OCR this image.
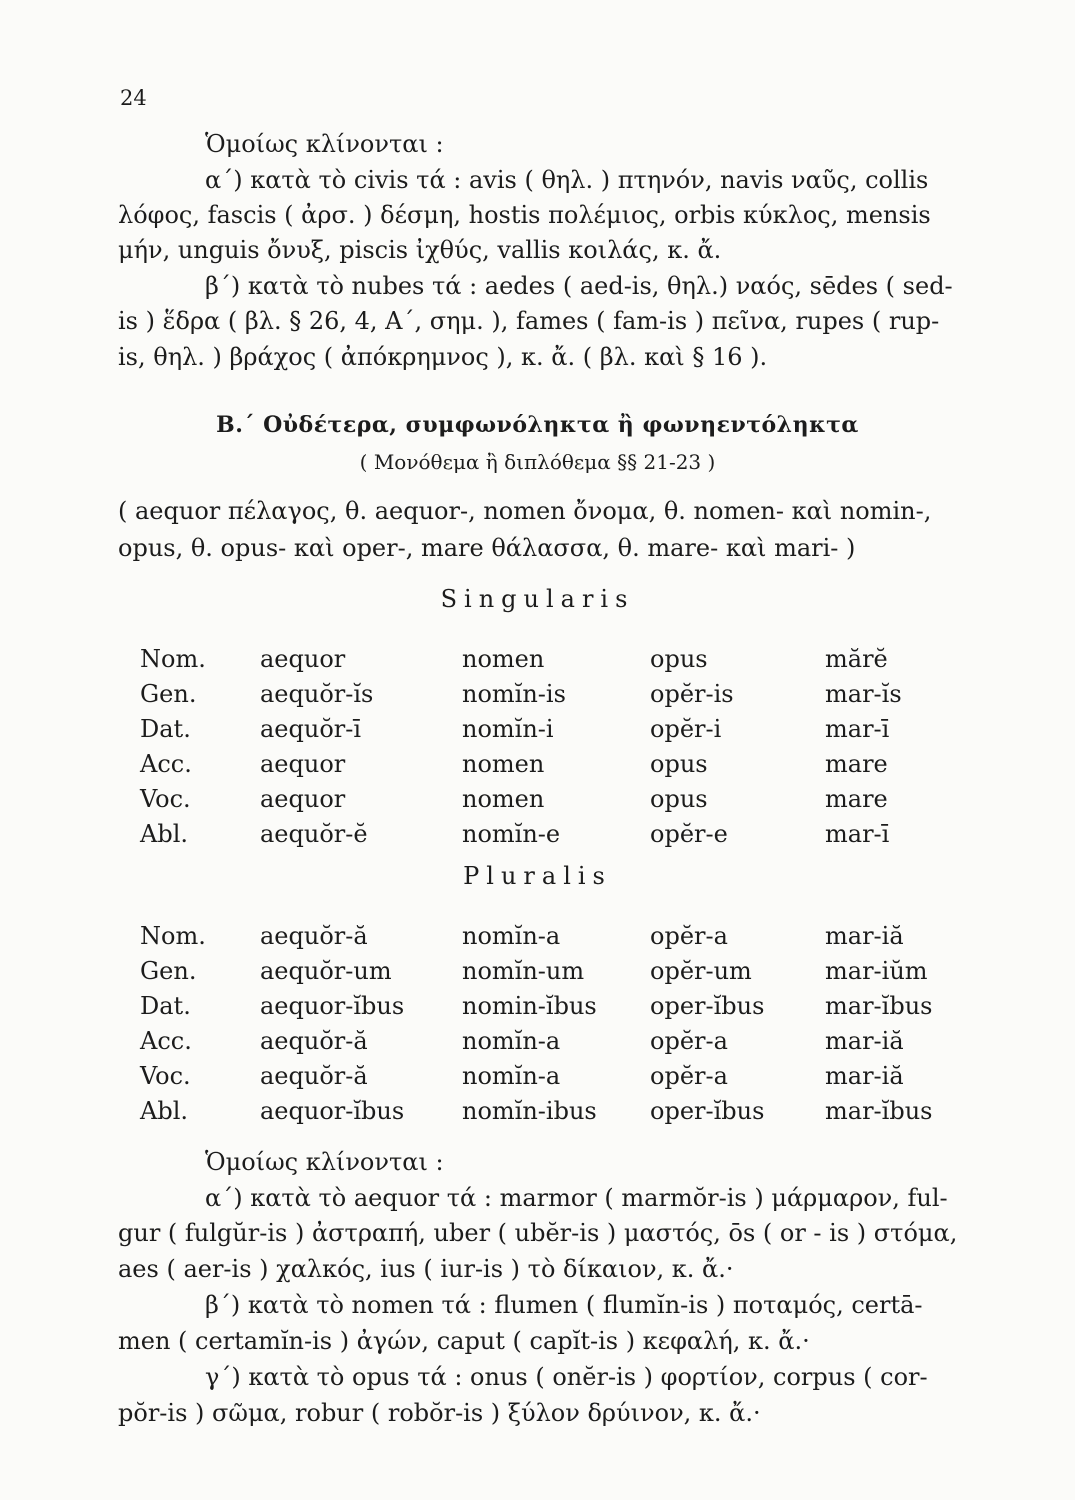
24
Ὁμοίως κλίνονται :
α΄) κατὰ τὸ civis τά : avis ( θηλ. ) πτηνόν, navis ναῦς, collis
λόφος, fascis ( ἀρσ. ) δέσμη, hostis πολέμιος, orbis κύκλος, mensis
μήν, unguis ὄνυξ, piscis ἰχθύς, vallis κοιλάς, κ. ἄ.
β΄) κατὰ τὸ nubes τά : aedes ( aed-is, θηλ.) ναός, sēdes ( sed-
is ) ἕδρα ( βλ. § 26, 4, Α΄, σημ. ), fames ( fam-is ) πεῖνα, rupes ( rup-
is, θηλ. ) βράχος ( ἀπόκρημνος ), κ. ἄ. ( βλ. καὶ § 16 ).
Β.΄ Οὐδέτερα, συμφωνόληκτα ἢ φωνηεντόληκτα
( Μονόθεμα ἢ διπλόθεμα §§ 21-23 )
( aequor πέλαγος, θ. aequor-, nomen ὄνομα, θ. nomen- καὶ nomin-,
opus, θ. opus- καὶ oper-, mare θάλασσα, θ. mare- καὶ mari- )
Singularis
Nom. aequor	nomen	opus	mărĕ
Gen.	aequŏr-ĭs	nomĭn-is	opĕr-is	mar-ĭs
Dat.	aequŏr-ī	nomĭn-i	opĕr-i	mar-ī
Acc.	aequor	nomen	opus	mare
Voc.	aequor	nomen	opus	mare
Abl.	aequŏr-ĕ	nomĭn-e	opĕr-e	mar-ī
Pluralis
Nom. aequŏr-ă	nomĭn-a	opĕr-a	mar-iă
Gen.	aequŏr-um	nomĭn-um	opĕr-um	mar-iŭm
Dat.	aequor-ĭbus nomin-ĭbus oper-ĭbus	mar-ĭbus
Acc.	aequŏr-ă	nomĭn-a	opĕr-a	mar-iă
Voc.	aequŏr-ă	nomĭn-a	opĕr-a	mar-iă
Abl.	aequor-ĭbus nomĭn-ibus oper-ĭbus	mar-ĭbus
Ὁμοίως κλίνονται :
α΄) κατὰ τὸ aequor τά : marmor ( marmŏr-is ) μάρμαρον, ful-
gur ( fulgŭr-is ) ἀστραπή, uber ( ubĕr-is ) μαστός, ōs ( or - is ) στόμα,
aes ( aer-is ) χαλκός, ius ( iur-is ) τὸ δίκαιον, κ. ἄ.·
β΄) κατὰ τὸ nomen τά : flumen ( flumĭn-is ) ποταμός, certā-
men ( certamĭn-is ) ἀγών, caput ( capĭt-is ) κεφαλή, κ. ἄ.·
γ΄) κατὰ τὸ opus τά : onus ( onĕr-is ) φορτίον, corpus ( cor-
pŏr-is ) σῶμα, robur ( robŏr-is ) ξύλον δρύινον, κ. ἄ.·
